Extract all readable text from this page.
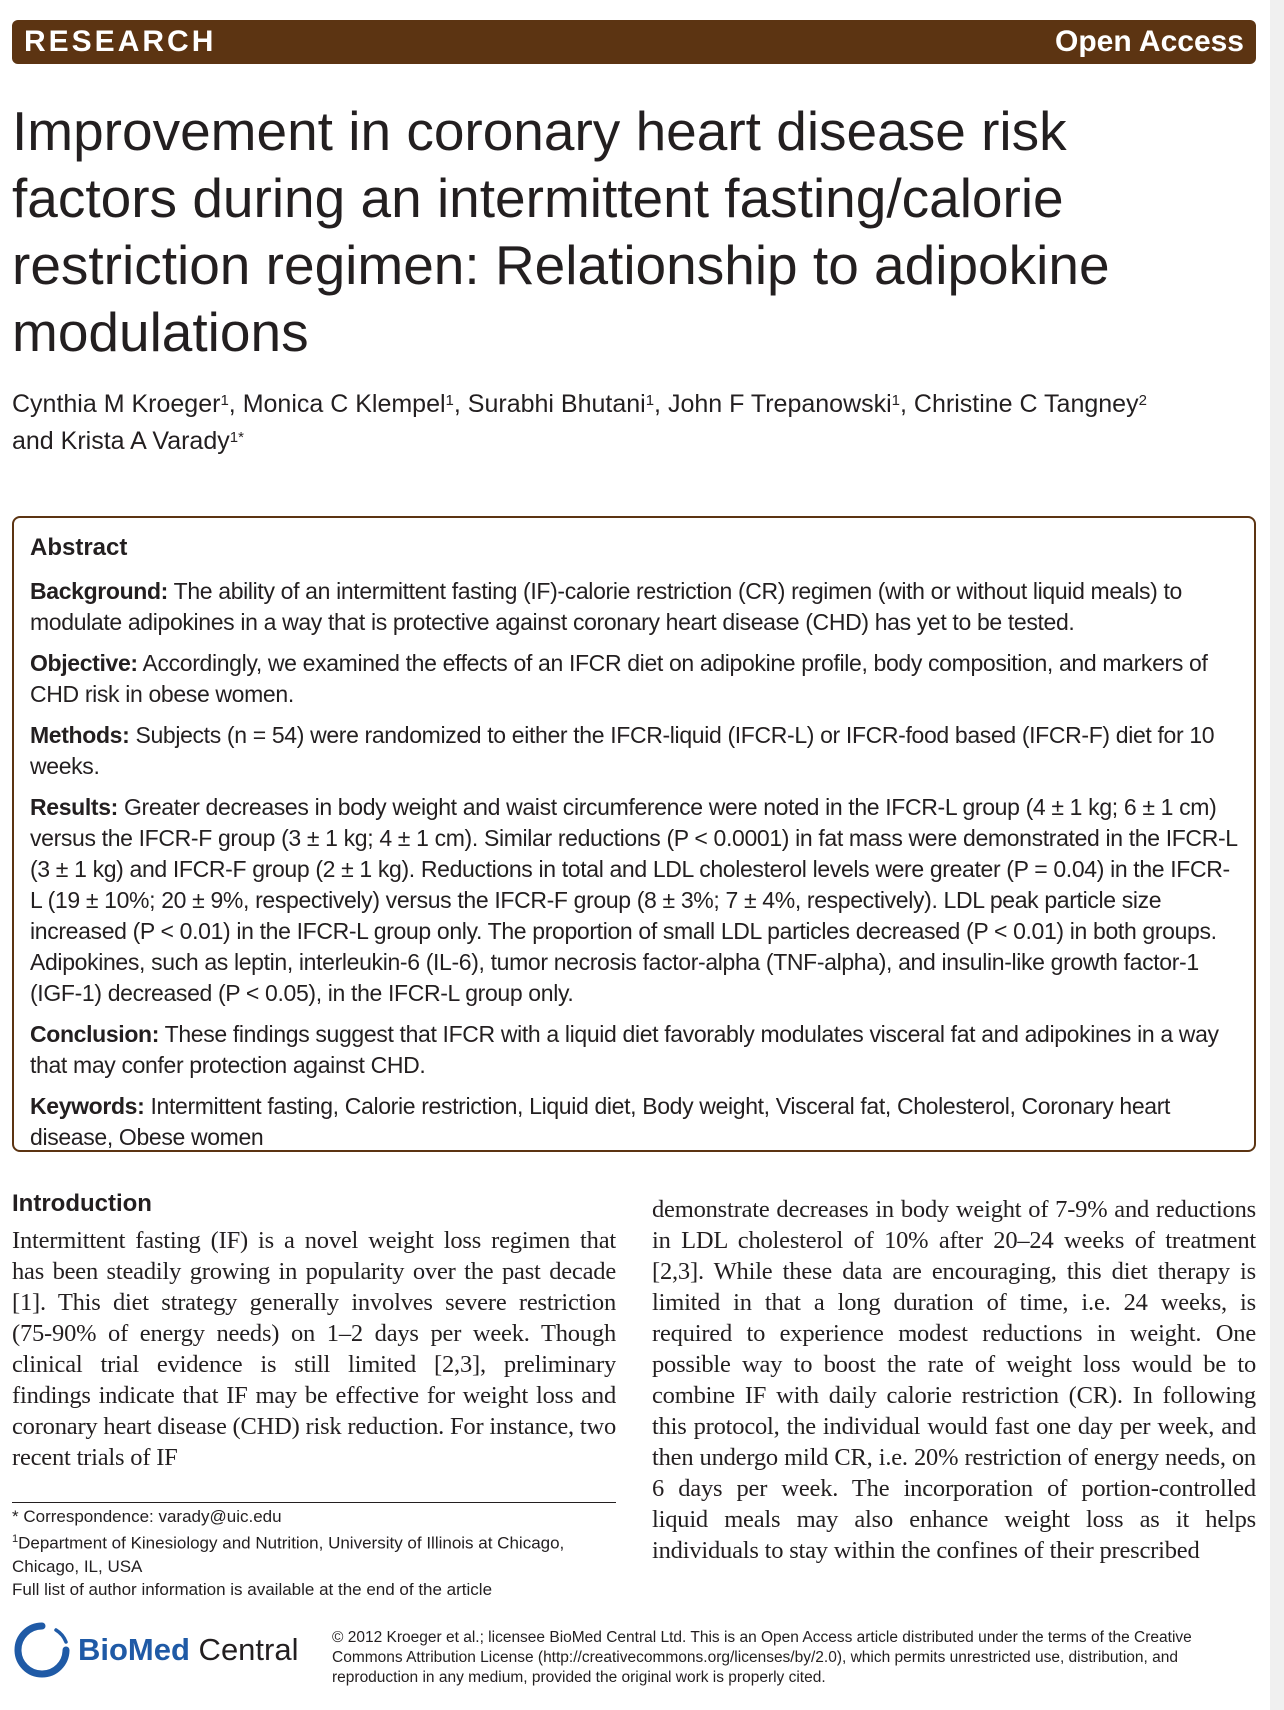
RESEARCH	Open Access
Improvement in coronary heart disease risk factors during an intermittent fasting/calorie restriction regimen: Relationship to adipokine modulations
Cynthia M Kroeger$^1$, Monica C Klempel$^1$, Surabhi Bhutani$^1$, John F Trepanowski$^1$, Christine C Tangney$^2$
and Krista A Varady$^{1*}$
Abstract

Background: The ability of an intermittent fasting (IF)-calorie restriction (CR) regimen (with or without liquid meals) to modulate adipokines in a way that is protective against coronary heart disease (CHD) has yet to be tested.

Objective: Accordingly, we examined the effects of an IFCR diet on adipokine profile, body composition, and markers of CHD risk in obese women.

Methods: Subjects (n = 54) were randomized to either the IFCR-liquid (IFCR-L) or IFCR-food based (IFCR-F) diet for 10 weeks.

Results: Greater decreases in body weight and waist circumference were noted in the IFCR-L group (4 ± 1 kg; 6 ± 1 cm) versus the IFCR-F group (3 ± 1 kg; 4 ± 1 cm). Similar reductions (P < 0.0001) in fat mass were demonstrated in the IFCR-L (3 ± 1 kg) and IFCR-F group (2 ± 1 kg). Reductions in total and LDL cholesterol levels were greater (P = 0.04) in the IFCR-L (19 ± 10%; 20 ± 9%, respectively) versus the IFCR-F group (8 ± 3%; 7 ± 4%, respectively). LDL peak particle size increased (P < 0.01) in the IFCR-L group only. The proportion of small LDL particles decreased (P < 0.01) in both groups. Adipokines, such as leptin, interleukin-6 (IL-6), tumor necrosis factor-alpha (TNF-alpha), and insulin-like growth factor-1 (IGF-1) decreased (P < 0.05), in the IFCR-L group only.

Conclusion: These findings suggest that IFCR with a liquid diet favorably modulates visceral fat and adipokines in a way that may confer protection against CHD.

Keywords: Intermittent fasting, Calorie restriction, Liquid diet, Body weight, Visceral fat, Cholesterol, Coronary heart disease, Obese women

Introduction

Intermittent fasting (IF) is a novel weight loss regimen that has been steadily growing in popularity over the past decade [1]. This diet strategy generally involves severe restriction (75-90% of energy needs) on 1–2 days per week. Though clinical trial evidence is still limited [2,3], preliminary findings indicate that IF may be effective for weight loss and coronary heart disease (CHD) risk reduction. For instance, two recent trials of IF

demonstrate decreases in body weight of 7-9% and reductions in LDL cholesterol of 10% after 20–24 weeks of treatment [2,3]. While these data are encouraging, this diet therapy is limited in that a long duration of time, i.e. 24 weeks, is required to experience modest reductions in weight. One possible way to boost the rate of weight loss would be to combine IF with daily calorie restriction (CR). In following this protocol, the individual would fast one day per week, and then undergo mild CR, i.e. 20% restriction of energy needs, on 6 days per week. The incorporation of portion-controlled liquid meals may also enhance weight loss as it helps individuals to stay within the confines of their prescribed

* Correspondence: varady@uic.edu
$^1$Department of Kinesiology and Nutrition, University of Illinois at Chicago, Chicago, IL, USA
Full list of author information is available at the end of the article
BioMed Central © 2012 Kroeger et al.; licensee BioMed Central Ltd. This is an Open Access article distributed under the terms of the Creative Commons Attribution License (http://creativecommons.org/licenses/by/2.0), which permits unrestricted use, distribution, and reproduction in any medium, provided the original work is properly cited.
